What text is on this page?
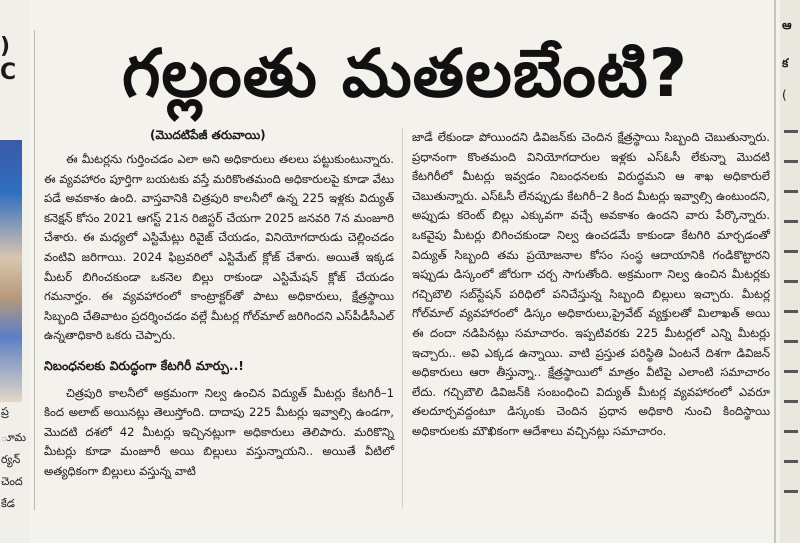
)
C
ప్ర
ూమ
ర్యన్
చెంద
కేడ
గల్లంతు మతలబేంటి?
(మొదటిపేజీ తరువాయి)

ఈ మీటర్లను గుర్తించడం ఎలా అని అధికారులు తలలు పట్టుకుంటున్నారు. ఈ వ్యవహారం పూర్తిగా బయటకు వస్తే మరికొంతమంది అధికారులపై కూడా వేటు పడే అవకాశం ఉంది. వాస్తవానికి చిత్రపురి కాలనీలో ఉన్న 225 ఇళ్లకు విద్యుత్ కనెక్షన్ కోసం 2021 ఆగస్ట్ 21న రిజిస్టర్ చేయగా 2025 జనవరి 7న మంజూరి చేశారు. ఈ మధ్యలో ఎస్టిమేట్లు రివైజ్ చేయడం, వినియోగదారుడు చెల్లించడం వంటివి జరిగాయి. 2024 ఫిబ్రవరిలో ఎస్టిమేట్ క్లోజ్ చేశారు. అయితే ఇక్కడ మీటర్ బిగించకుండా ఒకనెల బిల్లు రాకుండా ఎస్టిమేషన్ క్లోజ్ చేయడం గమనార్హం. ఈ వ్యవహారంలో కాంట్రాక్టర్‌తో పాటు అధికారులు, క్షేత్రస్థాయి సిబ్బంది చేతివాటం ప్రదర్శించడం వల్లే మీటర్ల గోల్‌మాల్ జరిగిందని ఎస్‌పీడీసీఎల్ ఉన్నతాధికారి ఒకరు చెప్పారు.

నిబంధనలకు విరుద్ధంగా కేటగిరీ మార్పు..!

చిత్రపురి కాలనీలో అక్రమంగా నిల్వ ఉంచిన విద్యుత్ మీటర్లు కేటగిరీ–1 కింద అలాట్ అయినట్లు తెలుస్తోంది. దాదాపు 225 మీటర్లు ఇవ్వాల్సి ఉండగా, మొదటి దశలో 42 మీటర్లు ఇచ్చినట్లుగా అధికారులు తెలిపారు. మరికొన్ని మీటర్లు కూడా మంజూరీ అయి బిల్లులు వస్తున్నాయని.. అయితే వీటిలో అత్యధికంగా బిల్లులు వస్తున్న వాటి

జాడే లేకుండా పోయిందని డివిజన్‌కు చెందిన క్షేత్రస్థాయి సిబ్బంది చెబుతున్నారు. ప్రధానంగా కొంతమంది వినియోగదారుల ఇళ్లకు ఎస్‌ఓసీ లేకున్నా మొదటి కేటగిరీలో మీటర్లు ఇవ్వడం నిబంధనలకు విరుద్ధమని ఆ శాఖ అధికారులే చెబుతున్నారు. ఎస్‌ఓసీ లేనప్పుడు కేటగిరీ–2 కింద మీటర్లు ఇవ్వాల్సి ఉంటుందని, అప్పుడు కరెంట్ బిల్లు ఎక్కువగా వచ్చే అవకాశం ఉందని వారు పేర్కొన్నారు. ఒకవైపు మీటర్లు బిగించకుండా నిల్వ ఉంచడమే కాకుండా కేటగిరి మార్చడంతో విద్యుత్ సిబ్బంది తమ ప్రయోజనాల కోసం సంస్థ ఆదాయానికి గండికొట్టారని ఇప్పుడు డిస్కంలో జోరుగా చర్చ సాగుతోంది. అక్రమంగా నిల్వ ఉంచిన మీటర్లకు గచ్చిబౌలి సబ్‌స్టేషన్ పరిధిలో పనిచేస్తున్న సిబ్బంది బిల్లులు ఇచ్చారు. మీటర్ల గోల్‌మాల్ వ్యవహారంలో డిస్కం అధికారులు,ప్రైవేట్ వ్యక్తులతో మిలాఖత్ అయి ఈ దందా నడిపినట్లు సమాచారం. ఇప్పటివరకు 225 మీటర్లలో ఎన్ని మీటర్లు ఇచ్చారు.. అవి ఎక్కడ ఉన్నాయి. వాటి ప్రస్తుత పరిస్థితి ఏంటనే దిశగా డివిజన్ అధికారులు ఆరా తీస్తున్నా.. క్షేత్రస్థాయిలో మాత్రం వీటిపై ఎలాంటి సమాచారం లేదు. గచ్చిబౌలి డివిజన్‌కి సంబంధించి విద్యుత్ మీటర్ల వ్యవహారంలో ఎవరూ తలదూర్చవద్దంటూ డిస్కంకు చెందిన ప్రధాన అధికారి నుంచి కిందిస్థాయి అధికారులకు మౌఖికంగా ఆదేశాలు వచ్చినట్లు సమాచారం.

ఆ
క
(
